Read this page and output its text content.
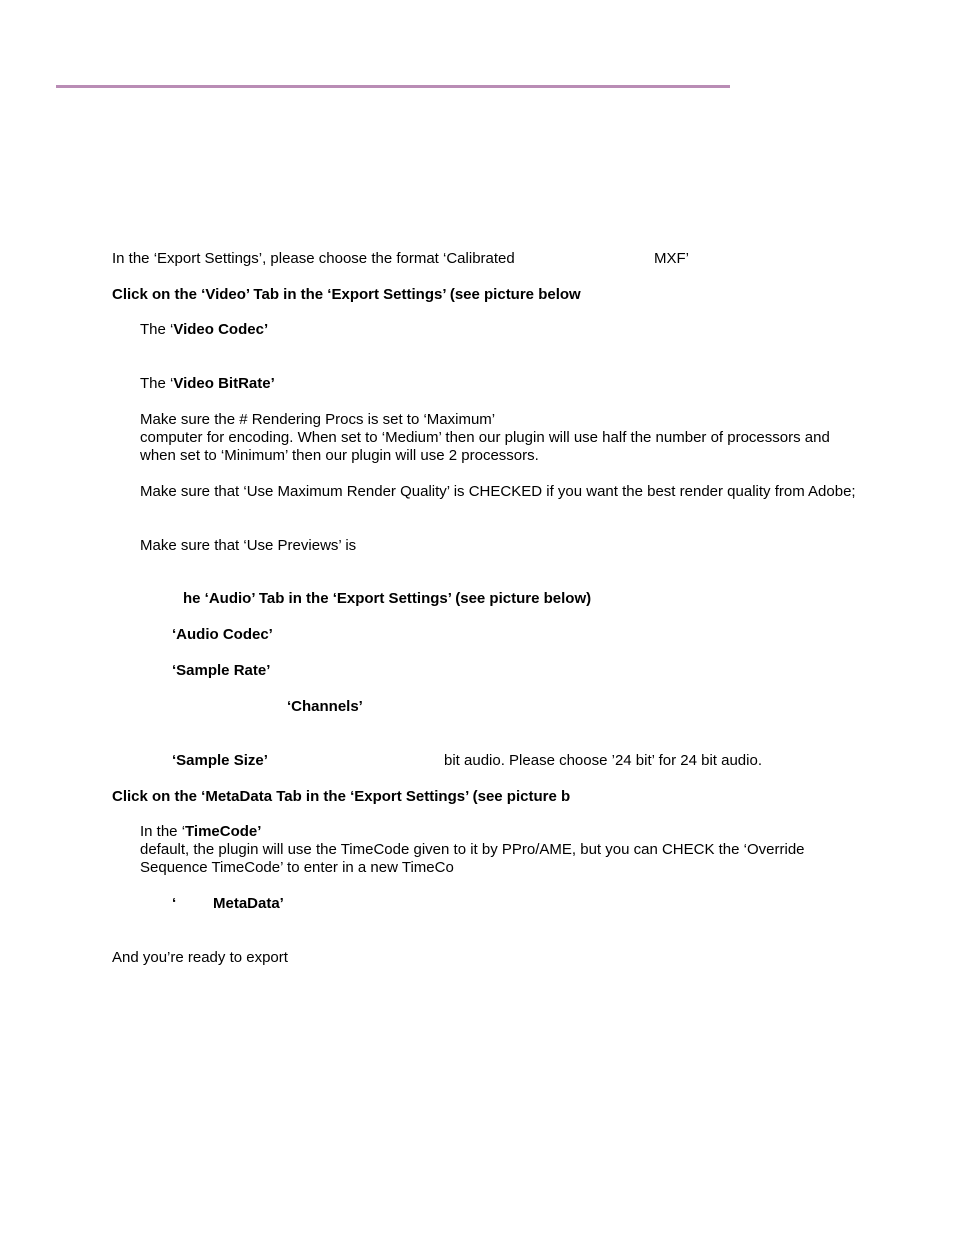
In the ‘Export Settings’, please choose the format ‘Calibrated	MXF’
Click on the ‘Video’ Tab in the ‘Export Settings’ (see picture below
The ‘Video Codec’
The ‘Video BitRate’
Make sure the # Rendering Procs is set to ‘Maximum’
computer for encoding. When set to ‘Medium’ then our plugin will use half the number of processors and
when set to ‘Minimum’ then our plugin will use 2 processors.
Make sure that ‘Use Maximum Render Quality’ is CHECKED if you want the best render quality from Adobe;
Make sure that ‘Use Previews’ is
he ‘Audio’ Tab in the ‘Export Settings’ (see picture below)
‘Audio Codec’
‘Sample Rate’
‘Channels’
‘Sample Size’	bit audio. Please choose ’24 bit’ for 24 bit audio.
Click on the ‘MetaData Tab in the ‘Export Settings’ (see picture b
In the ‘TimeCode’
default, the plugin will use the TimeCode given to it by PPro/AME, but you can CHECK the ‘Override
Sequence TimeCode’ to enter in a new TimeCo
‘ MetaData’
And you’re ready to export
